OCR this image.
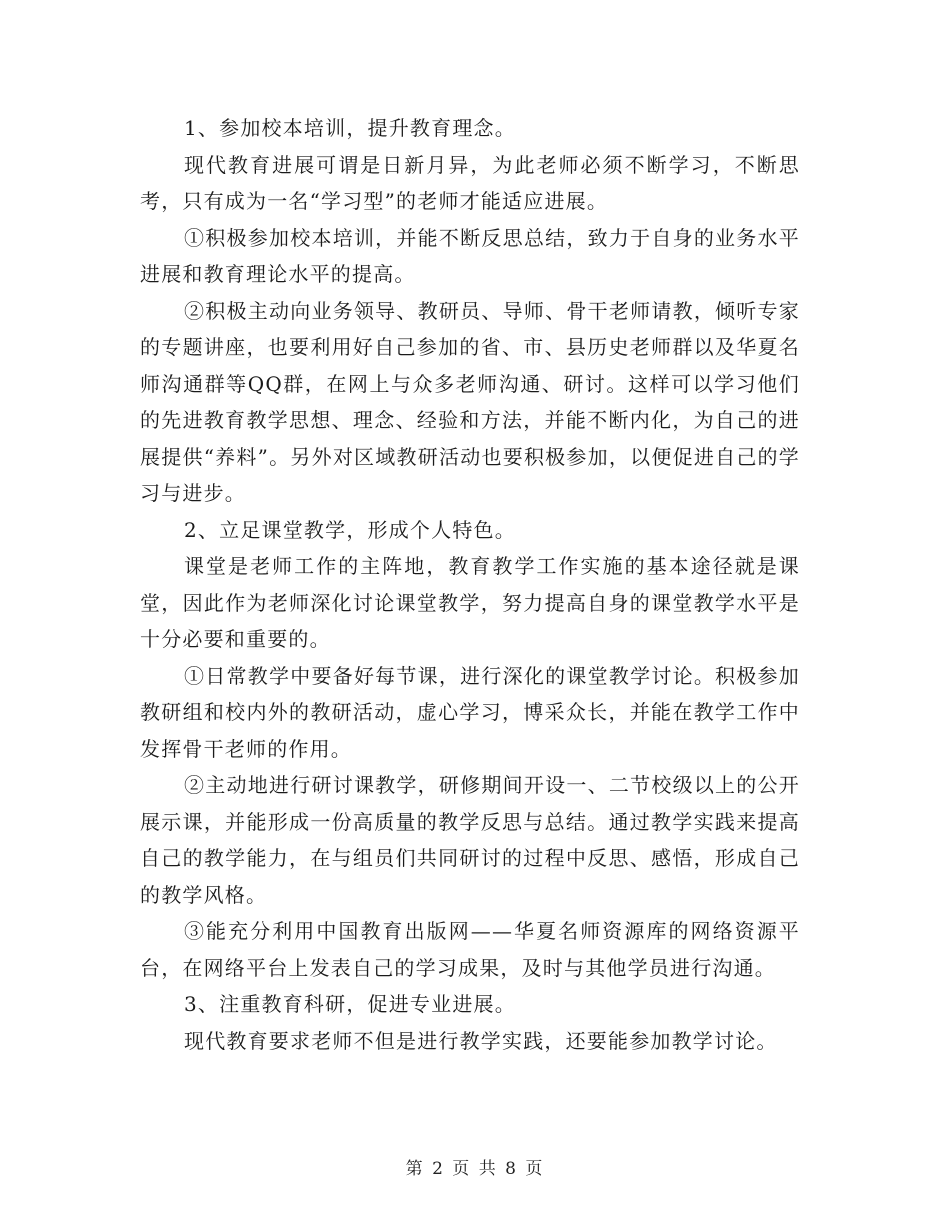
1、参加校本培训，提升教育理念。

现代教育进展可谓是日新月异，为此老师必须不断学习，不断思考，只有成为一名“学习型”的老师才能适应进展。

①积极参加校本培训，并能不断反思总结，致力于自身的业务水平进展和教育理论水平的提高。

②积极主动向业务领导、教研员、导师、骨干老师请教，倾听专家的专题讲座，也要利用好自己参加的省、市、县历史老师群以及华夏名师沟通群等QQ群，在网上与众多老师沟通、研讨。这样可以学习他们的先进教育教学思想、理念、经验和方法，并能不断内化，为自己的进展提供“养料”。另外对区域教研活动也要积极参加，以便促进自己的学习与进步。

2、立足课堂教学，形成个人特色。

课堂是老师工作的主阵地，教育教学工作实施的基本途径就是课堂，因此作为老师深化讨论课堂教学，努力提高自身的课堂教学水平是十分必要和重要的。

①日常教学中要备好每节课，进行深化的课堂教学讨论。积极参加教研组和校内外的教研活动，虚心学习，博采众长，并能在教学工作中发挥骨干老师的作用。

②主动地进行研讨课教学，研修期间开设一、二节校级以上的公开展示课，并能形成一份高质量的教学反思与总结。通过教学实践来提高自己的教学能力，在与组员们共同研讨的过程中反思、感悟，形成自己的教学风格。

③能充分利用中国教育出版网——华夏名师资源库的网络资源平台，在网络平台上发表自己的学习成果，及时与其他学员进行沟通。

3、注重教育科研，促进专业进展。

现代教育要求老师不但是进行教学实践，还要能参加教学讨论。

第 2 页 共 8 页
